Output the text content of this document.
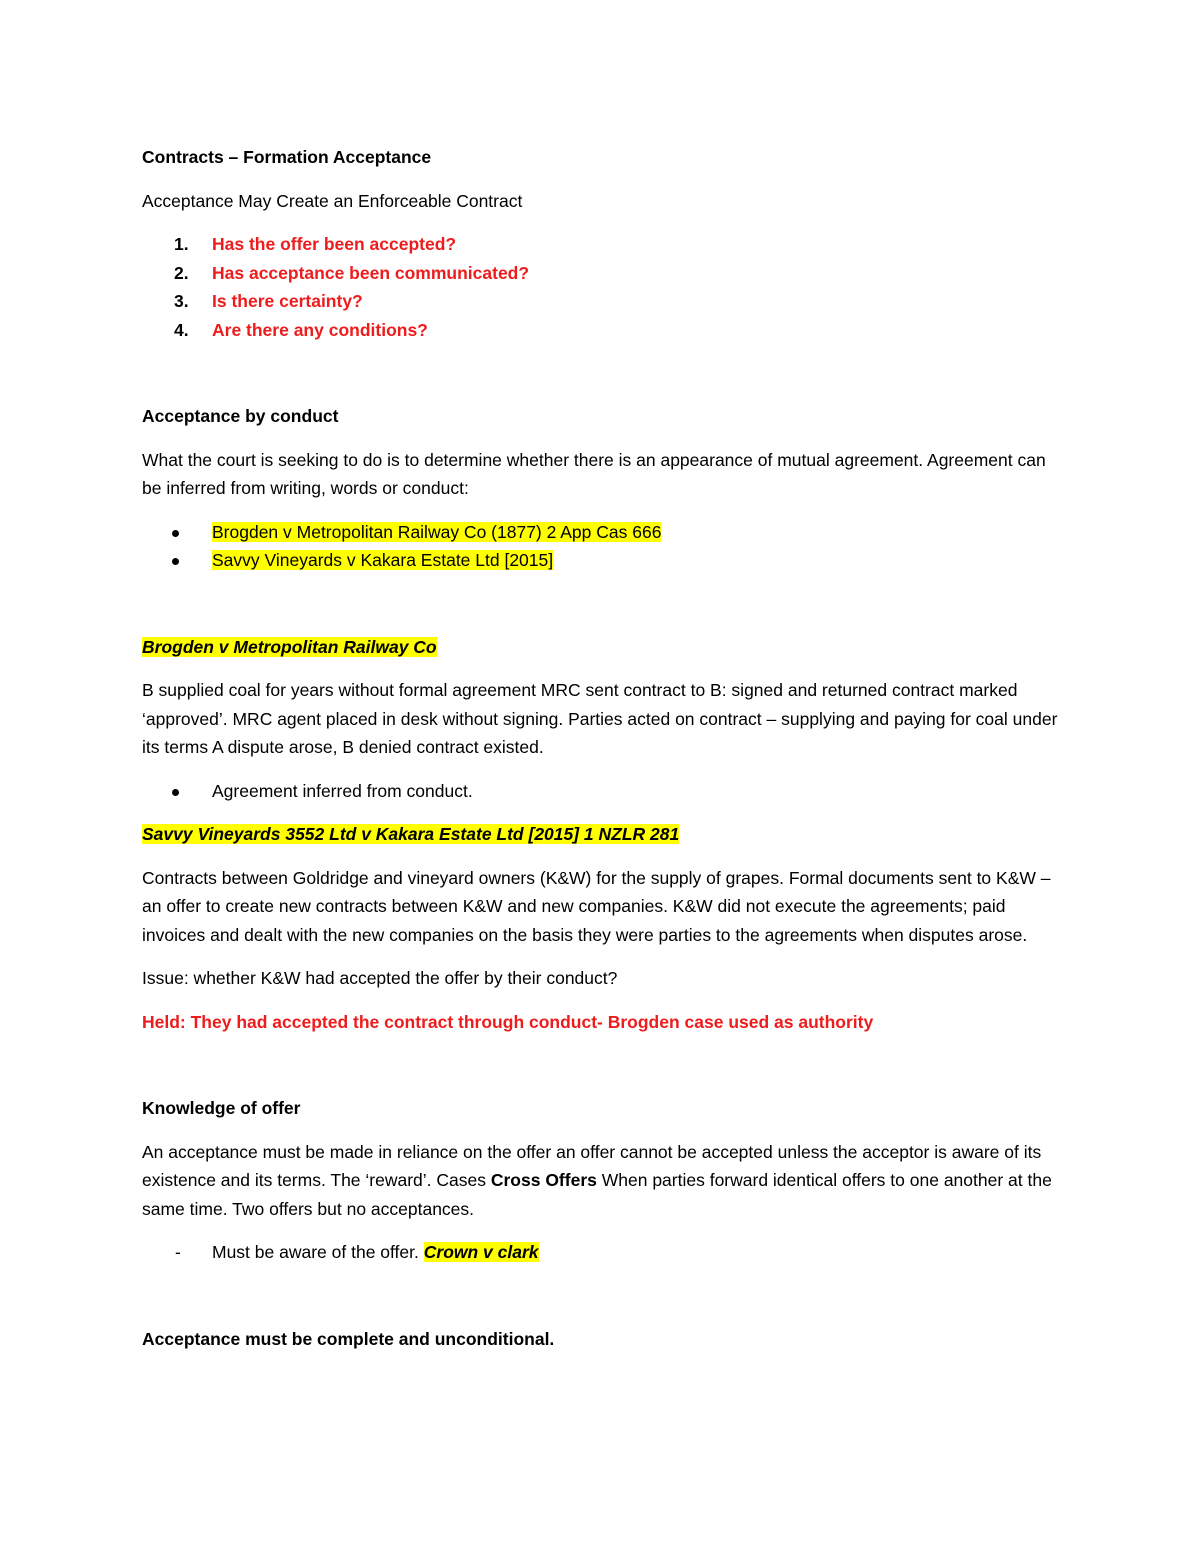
Contracts – Formation Acceptance

Acceptance May Create an Enforceable Contract

1. Has the offer been accepted?
2. Has acceptance been communicated?
3. Is there certainty?
4. Are there any conditions?

Acceptance by conduct

What the court is seeking to do is to determine whether there is an appearance of mutual agreement. Agreement can be inferred from writing, words or conduct:

Brogden v Metropolitan Railway Co (1877) 2 App Cas 666
Savvy Vineyards v Kakara Estate Ltd [2015]

Brogden v Metropolitan Railway Co

B supplied coal for years without formal agreement MRC sent contract to B: signed and returned contract marked ‘approved’. MRC agent placed in desk without signing. Parties acted on contract – supplying and paying for coal under its terms A dispute arose, B denied contract existed.

Agreement inferred from conduct.

Savvy Vineyards 3552 Ltd v Kakara Estate Ltd [2015] 1 NZLR 281

Contracts between Goldridge and vineyard owners (K&W) for the supply of grapes. Formal documents sent to K&W – an offer to create new contracts between K&W and new companies. K&W did not execute the agreements; paid invoices and dealt with the new companies on the basis they were parties to the agreements when disputes arose.

Issue: whether K&W had accepted the offer by their conduct?

Held: They had accepted the contract through conduct- Brogden case used as authority

Knowledge of offer

An acceptance must be made in reliance on the offer an offer cannot be accepted unless the acceptor is aware of its existence and its terms. The ‘reward’. Cases Cross Offers When parties forward identical offers to one another at the same time. Two offers but no acceptances.

- Must be aware of the offer. Crown v clark

Acceptance must be complete and unconditional.
